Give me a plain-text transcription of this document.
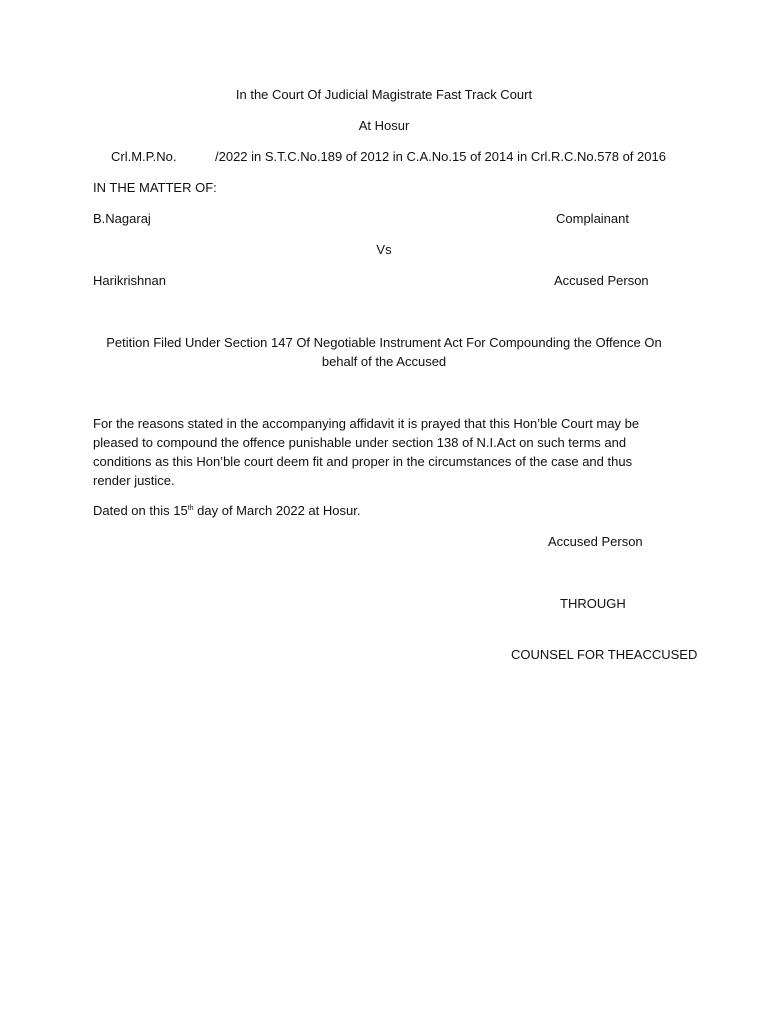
In the Court Of Judicial Magistrate Fast Track Court
At Hosur
Crl.M.P.No.	/2022 in S.T.C.No.189 of 2012 in C.A.No.15 of 2014 in Crl.R.C.No.578 of 2016
IN THE MATTER OF:
B.Nagaraj	Complainant
Vs
Harikrishnan	Accused Person
Petition Filed Under Section 147 Of Negotiable Instrument Act For Compounding the Offence On
behalf of the Accused
For the reasons stated in the accompanying affidavit it is prayed that this Hon’ble Court may be pleased to compound the offence punishable under section 138 of N.I.Act on such terms and conditions as this Hon’ble court deem fit and proper in the circumstances of the case and thus render justice.
Dated on this 15th day of March 2022 at Hosur.
Accused Person
THROUGH
COUNSEL FOR THEACCUSED
